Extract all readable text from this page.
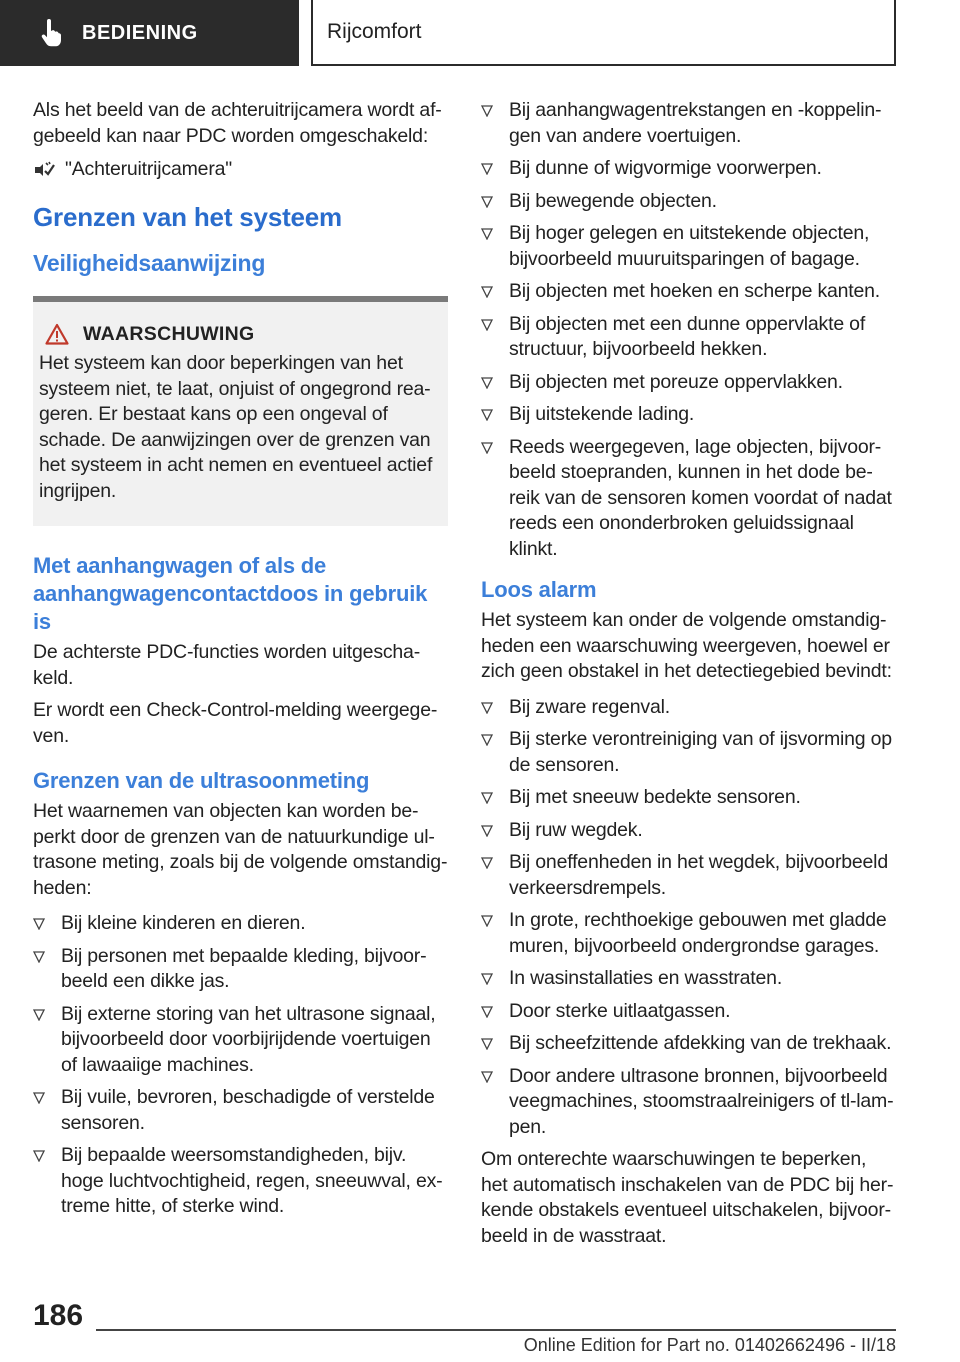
BEDIENING	Rijcomfort

Als het beeld van de achteruitrijcamera wordt afgebeeld kan naar PDC worden omgeschakeld:

"Achteruitrijcamera"
Grenzen van het systeem
Veiligheidsaanwijzing
WAARSCHUWING
Het systeem kan door beperkingen van het systeem niet, te laat, onjuist of ongegrond reageren. Er bestaat kans op een ongeval of schade. De aanwijzingen over de grenzen van het systeem in acht nemen en eventueel actief ingrijpen.
Met aanhangwagen of als de aanhangwagencontactdoos in gebruik is

De achterste PDC-functies worden uitgeschakeld.

Er wordt een Check-Control-melding weergegeven.

Grenzen van de ultrasoonmeting

Het waarnemen van objecten kan worden beperkt door de grenzen van de natuurkundige ultrasone meting, zoals bij de volgende omstandigheden:

Bij kleine kinderen en dieren.
Bij personen met bepaalde kleding, bijvoorbeeld een dikke jas.
Bij externe storing van het ultrasone signaal, bijvoorbeeld door voorbijrijdende voertuigen of lawaaiige machines.
Bij vuile, bevroren, beschadigde of verstelde sensoren.
Bij bepaalde weersomstandigheden, bijv. hoge luchtvochtigheid, regen, sneeuwval, extreme hitte, of sterke wind.
Bij aanhangwagentrekstangen en -koppelingen van andere voertuigen.
Bij dunne of wigvormige voorwerpen.
Bij bewegende objecten.
Bij hoger gelegen en uitstekende objecten, bijvoorbeeld muuruitsparingen of bagage.
Bij objecten met hoeken en scherpe kanten.
Bij objecten met een dunne oppervlakte of structuur, bijvoorbeeld hekken.
Bij objecten met poreuze oppervlakken.
Bij uitstekende lading.
Reeds weergegeven, lage objecten, bijvoorbeeld stoepranden, kunnen in het dode bereik van de sensoren komen voordat of nadat reeds een ononderbroken geluidssignaal klinkt.
Loos alarm

Het systeem kan onder de volgende omstandigheden een waarschuwing weergeven, hoewel er zich geen obstakel in het detectiegebied bevindt:

Bij zware regenval.
Bij sterke verontreiniging van of ijsvorming op de sensoren.
Bij met sneeuw bedekte sensoren.
Bij ruw wegdek.
Bij oneffenheden in het wegdek, bijvoorbeeld verkeersdrempels.
In grote, rechthoekige gebouwen met gladde muren, bijvoorbeeld ondergrondse garages.
In wasinstallaties en wasstraten.
Door sterke uitlaatgassen.
Bij scheefzittende afdekking van de trekhaak.
Door andere ultrasone bronnen, bijvoorbeeld veegmachines, stoomstraalreinigers of tl-lampen.

Om onterechte waarschuwingen te beperken, het automatisch inschakelen van de PDC bij herkende obstakels eventueel uitschakelen, bijvoorbeeld in de wasstraat.

186
Online Edition for Part no. 01402662496 - II/18
